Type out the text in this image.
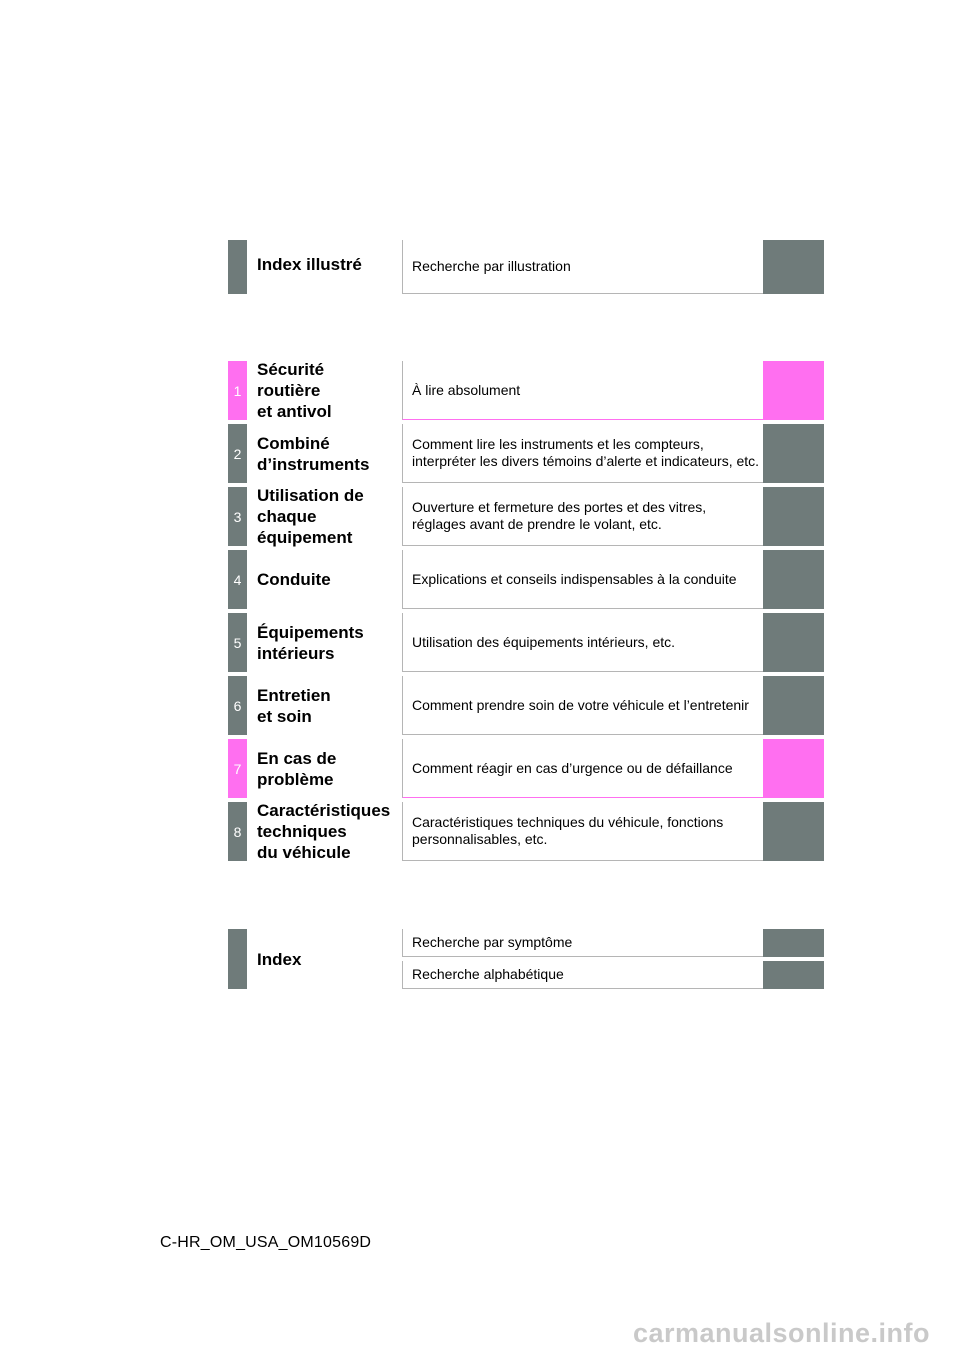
Index illustré	Recherche par illustration
1
Sécurité
routière
et antivol
À lire absolument
2
Combiné
d’instruments
Comment lire les instruments et les compteurs, interpréter les divers témoins d’alerte et indicateurs, etc.
3
Utilisation de
chaque
équipement
Ouverture et fermeture des portes et des vitres, réglages avant de prendre le volant, etc.
4 Conduite	Explications et conseils indispensables à la conduite
5
Équipements
intérieurs
Utilisation des équipements intérieurs, etc.
6
Entretien
et soin
Comment prendre soin de votre véhicule et l’entretenir
7
En cas de
problème
Comment réagir en cas d’urgence ou de défaillance
8
Caractéristiques
techniques
du véhicule
Caractéristiques techniques du véhicule, fonctions personnalisables, etc.
Index
Recherche par symptôme
Recherche alphabétique
C-HR_OM_USA_OM10569D
carmanualsonline.info
